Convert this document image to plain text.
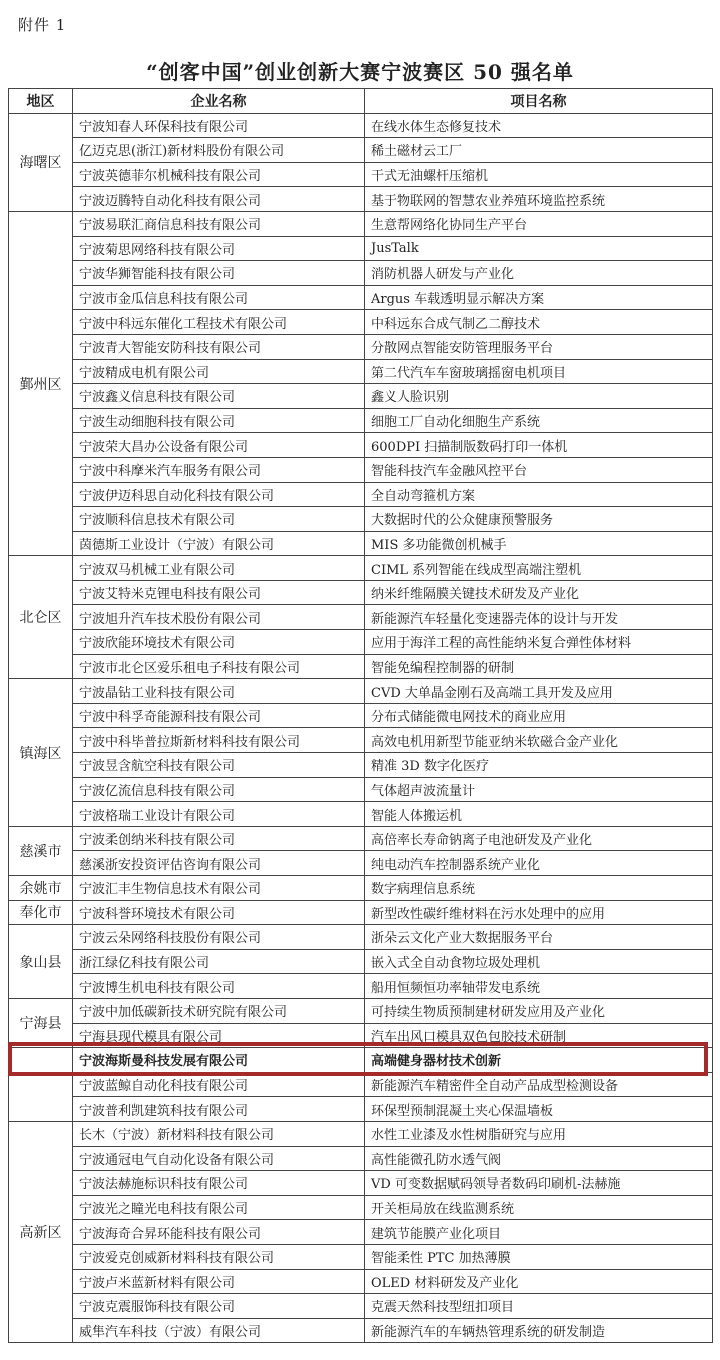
附件 1
“创客中国”创业创新大赛宁波赛区 50 强名单
地区	企业名称	项目名称
海曙区	宁波知春人环保科技有限公司	在线水体生态修复技术
	亿迈克思(浙江)新材料股份有限公司	稀土磁材云工厂
	宁波英德菲尔机械科技有限公司	干式无油螺杆压缩机
	宁波迈腾特自动化科技有限公司	基于物联网的智慧农业养殖环境监控系统
鄞州区	宁波易联汇商信息科技有限公司	生意帮网络化协同生产平台
	宁波菊思网络科技有限公司	JusTalk
	宁波华狮智能科技有限公司	消防机器人研发与产业化
	宁波市金瓜信息科技有限公司	Argus 车载透明显示解决方案
	宁波中科远东催化工程技术有限公司	中科远东合成气制乙二醇技术
	宁波青大智能安防科技有限公司	分散网点智能安防管理服务平台
	宁波精成电机有限公司	第二代汽车车窗玻璃摇窗电机项目
	宁波鑫义信息科技有限公司	鑫义人脸识别
	宁波生动细胞科技有限公司	细胞工厂自动化细胞生产系统
	宁波荣大昌办公设备有限公司	600DPI 扫描制版数码打印一体机
	宁波中科摩米汽车服务有限公司	智能科技汽车金融风控平台
	宁波伊迈科思自动化科技有限公司	全自动弯箍机方案
	宁波顺科信息技术有限公司	大数据时代的公众健康预警服务
	茵德斯工业设计（宁波）有限公司	MIS 多功能微创机械手
北仑区	宁波双马机械工业有限公司	CIML 系列智能在线成型高端注塑机
	宁波艾特米克锂电科技有限公司	纳米纤维隔膜关键技术研发及产业化
	宁波旭升汽车技术股份有限公司	新能源汽车轻量化变速器壳体的设计与开发
	宁波欣能环境技术有限公司	应用于海洋工程的高性能纳米复合弹性体材料
	宁波市北仑区爱乐租电子科技有限公司	智能免编程控制器的研制
镇海区	宁波晶钻工业科技有限公司	CVD 大单晶金刚石及高端工具开发及应用
	宁波中科孚奇能源科技有限公司	分布式储能微电网技术的商业应用
	宁波中科毕普拉斯新材料科技有限公司	高效电机用新型节能亚纳米软磁合金产业化
	宁波昱含航空科技有限公司	精准 3D 数字化医疗
	宁波亿流信息科技有限公司	气体超声波流量计
	宁波格瑞工业设计有限公司	智能人体搬运机
慈溪市	宁波柔创纳米科技有限公司	高倍率长寿命钠离子电池研发及产业化
	慈溪浙安投资评估咨询有限公司	纯电动汽车控制器系统产业化
余姚市	宁波汇丰生物信息技术有限公司	数字病理信息系统
奉化市	宁波科誉环境技术有限公司	新型改性碳纤维材料在污水处理中的应用
象山县	宁波云朵网络科技股份有限公司	浙朵云文化产业大数据服务平台
	浙江绿亿科技有限公司	嵌入式全自动食物垃圾处理机
	宁波博生机电科技有限公司	船用恒频恒功率轴带发电系统
宁海县	宁波中加低碳新技术研究院有限公司	可持续生物质预制建材研发应用及产业化
	宁海县现代模具有限公司	汽车出风口模具双色包胶技术研制
	宁波海斯曼科技发展有限公司	高端健身器材技术创新
	宁波蓝鲸自动化科技有限公司	新能源汽车精密件全自动产品成型检测设备
	宁波普利凯建筑科技有限公司	环保型预制混凝土夹心保温墙板
高新区	长木（宁波）新材料科技有限公司	水性工业漆及水性树脂研究与应用
	宁波通冠电气自动化设备有限公司	高性能微孔防水透气阀
	宁波法赫施标识科技有限公司	VD 可变数据赋码领导者数码印刷机-法赫施
	宁波光之瞳光电科技有限公司	开关柜局放在线监测系统
	宁波海奇合昇环能科技有限公司	建筑节能膜产业化项目
	宁波爱克创威新材料科技有限公司	智能柔性 PTC 加热薄膜
	宁波卢米蓝新材料有限公司	OLED 材料研发及产业化
	宁波克震服饰科技有限公司	克震天然科技型纽扣项目
	威隼汽车科技（宁波）有限公司	新能源汽车的车辆热管理系统的研发制造
